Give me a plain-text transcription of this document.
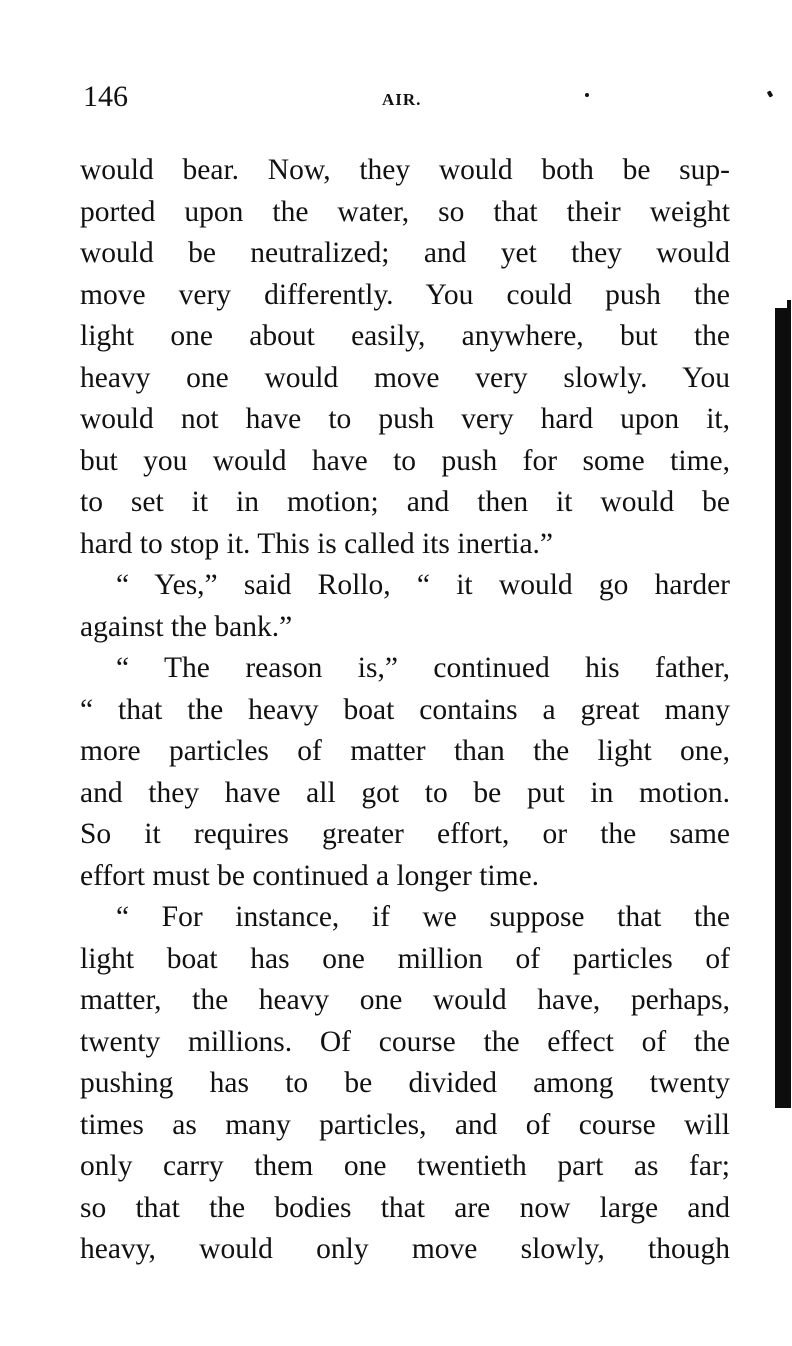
146	AIR.
would bear. Now, they would both be sup-
ported upon the water, so that their weight
would be neutralized; and yet they would
move very differently. You could push the
light one about easily, anywhere, but the
heavy one would move very slowly. You
would not have to push very hard upon it,
but you would have to push for some time,
to set it in motion; and then it would be
hard to stop it. This is called its inertia.”
“ Yes,” said Rollo, “ it would go harder
against the bank.”
“ The reason is,” continued his father,
“ that the heavy boat contains a great many
more particles of matter than the light one,
and they have all got to be put in motion.
So it requires greater effort, or the same
effort must be continued a longer time.
“ For instance, if we suppose that the
light boat has one million of particles of
matter, the heavy one would have, perhaps,
twenty millions. Of course the effect of the
pushing has to be divided among twenty
times as many particles, and of course will
only carry them one twentieth part as far;
so that the bodies that are now large and
heavy, would only move slowly, though
